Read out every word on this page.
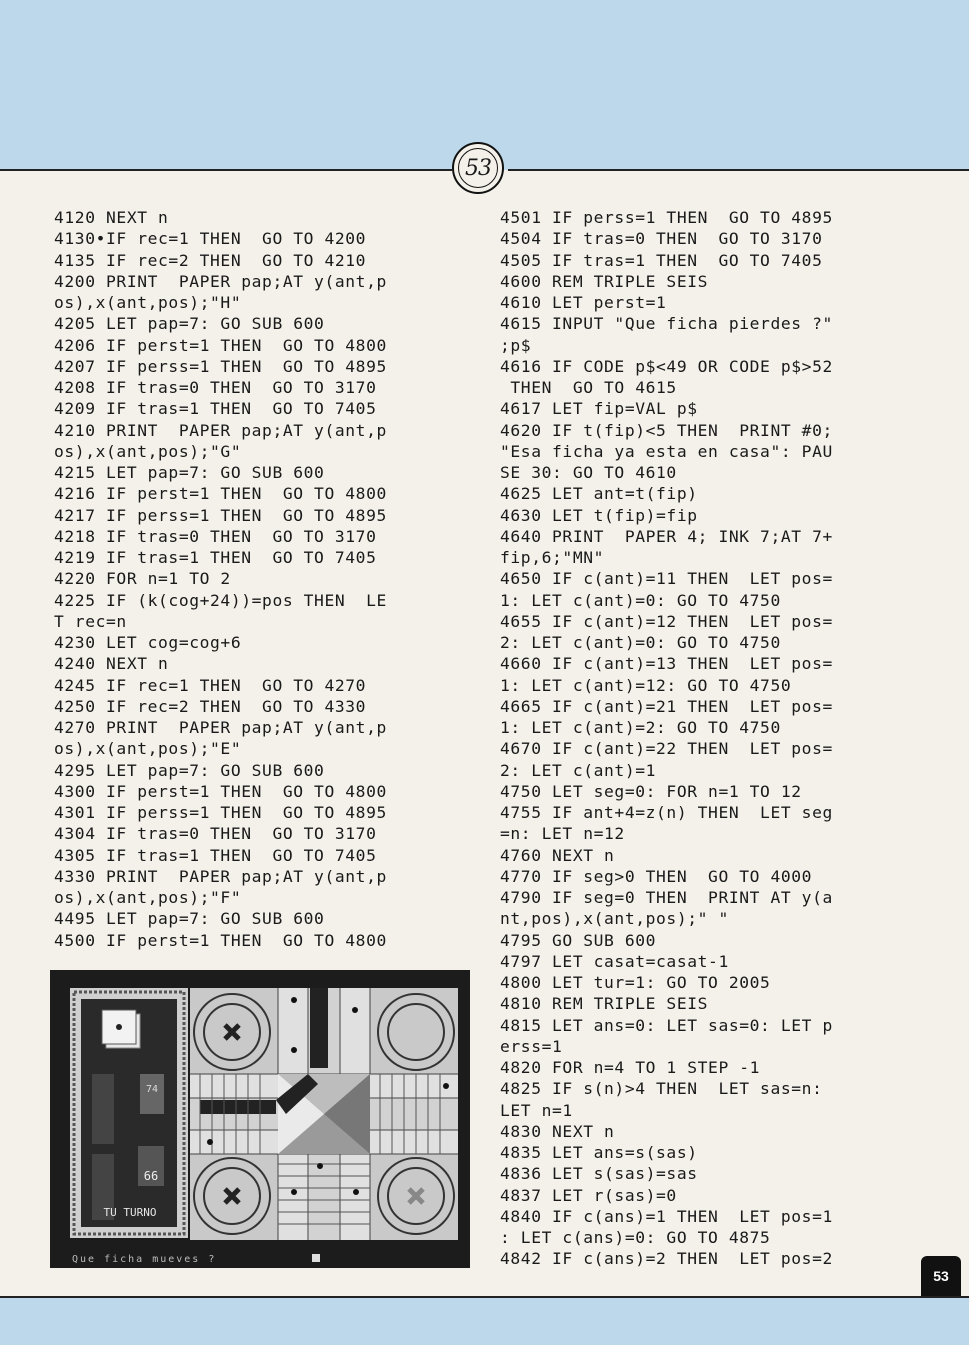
53
4120 NEXT n
4130•IF rec=1 THEN  GO TO 4200
4135 IF rec=2 THEN  GO TO 4210
4200 PRINT  PAPER pap;AT y(ant,p
os),x(ant,pos);"H"
4205 LET pap=7: GO SUB 600
4206 IF perst=1 THEN  GO TO 4800
4207 IF perss=1 THEN  GO TO 4895
4208 IF tras=0 THEN  GO TO 3170
4209 IF tras=1 THEN  GO TO 7405
4210 PRINT  PAPER pap;AT y(ant,p
os),x(ant,pos);"G"
4215 LET pap=7: GO SUB 600
4216 IF perst=1 THEN  GO TO 4800
4217 IF perss=1 THEN  GO TO 4895
4218 IF tras=0 THEN  GO TO 3170
4219 IF tras=1 THEN  GO TO 7405
4220 FOR n=1 TO 2
4225 IF (k(cog+24))=pos THEN  LE
T rec=n
4230 LET cog=cog+6
4240 NEXT n
4245 IF rec=1 THEN  GO TO 4270
4250 IF rec=2 THEN  GO TO 4330
4270 PRINT  PAPER pap;AT y(ant,p
os),x(ant,pos);"E"
4295 LET pap=7: GO SUB 600
4300 IF perst=1 THEN  GO TO 4800
4301 IF perss=1 THEN  GO TO 4895
4304 IF tras=0 THEN  GO TO 3170
4305 IF tras=1 THEN  GO TO 7405
4330 PRINT  PAPER pap;AT y(ant,p
os),x(ant,pos);"F"
4495 LET pap=7: GO SUB 600
4500 IF perst=1 THEN  GO TO 4800
4501 IF perss=1 THEN  GO TO 4895
4504 IF tras=0 THEN  GO TO 3170
4505 IF tras=1 THEN  GO TO 7405
4600 REM TRIPLE SEIS
4610 LET perst=1
4615 INPUT "Que ficha pierdes ?"
;p$
4616 IF CODE p$<49 OR CODE p$>52
THEN  GO TO 4615
4617 LET fip=VAL p$
4620 IF t(fip)<5 THEN  PRINT #0;
"Esa ficha ya esta en casa": PAU
SE 30: GO TO 4610
4625 LET ant=t(fip)
4630 LET t(fip)=fip
4640 PRINT  PAPER 4; INK 7;AT 7+
fip,6;"MN"
4650 IF c(ant)=11 THEN  LET pos=
1: LET c(ant)=0: GO TO 4750
4655 IF c(ant)=12 THEN  LET pos=
2: LET c(ant)=0: GO TO 4750
4660 IF c(ant)=13 THEN  LET pos=
1: LET c(ant)=12: GO TO 4750
4665 IF c(ant)=21 THEN  LET pos=
1: LET c(ant)=2: GO TO 4750
4670 IF c(ant)=22 THEN  LET pos=
2: LET c(ant)=1
4750 LET seg=0: FOR n=1 TO 12
4755 IF ant+4=z(n) THEN  LET seg
=n: LET n=12
4760 NEXT n
4770 IF seg>0 THEN  GO TO 4000
4790 IF seg=0 THEN  PRINT AT y(a
nt,pos),x(ant,pos);" "
4795 GO SUB 600
4797 LET casat=casat-1
4800 LET tur=1: GO TO 2005
4810 REM TRIPLE SEIS
4815 LET ans=0: LET sas=0: LET p
erss=1
4820 FOR n=4 TO 1 STEP -1
4825 IF s(n)>4 THEN  LET sas=n:
LET n=1
4830 NEXT n
4835 LET ans=s(sas)
4836 LET s(sas)=sas
4837 LET r(sas)=0
4840 IF c(ans)=1 THEN  LET pos=1
: LET c(ans)=0: GO TO 4875
4842 IF c(ans)=2 THEN  LET pos=2
74
66
TU TURNO
Que ficha mueves ?
53
